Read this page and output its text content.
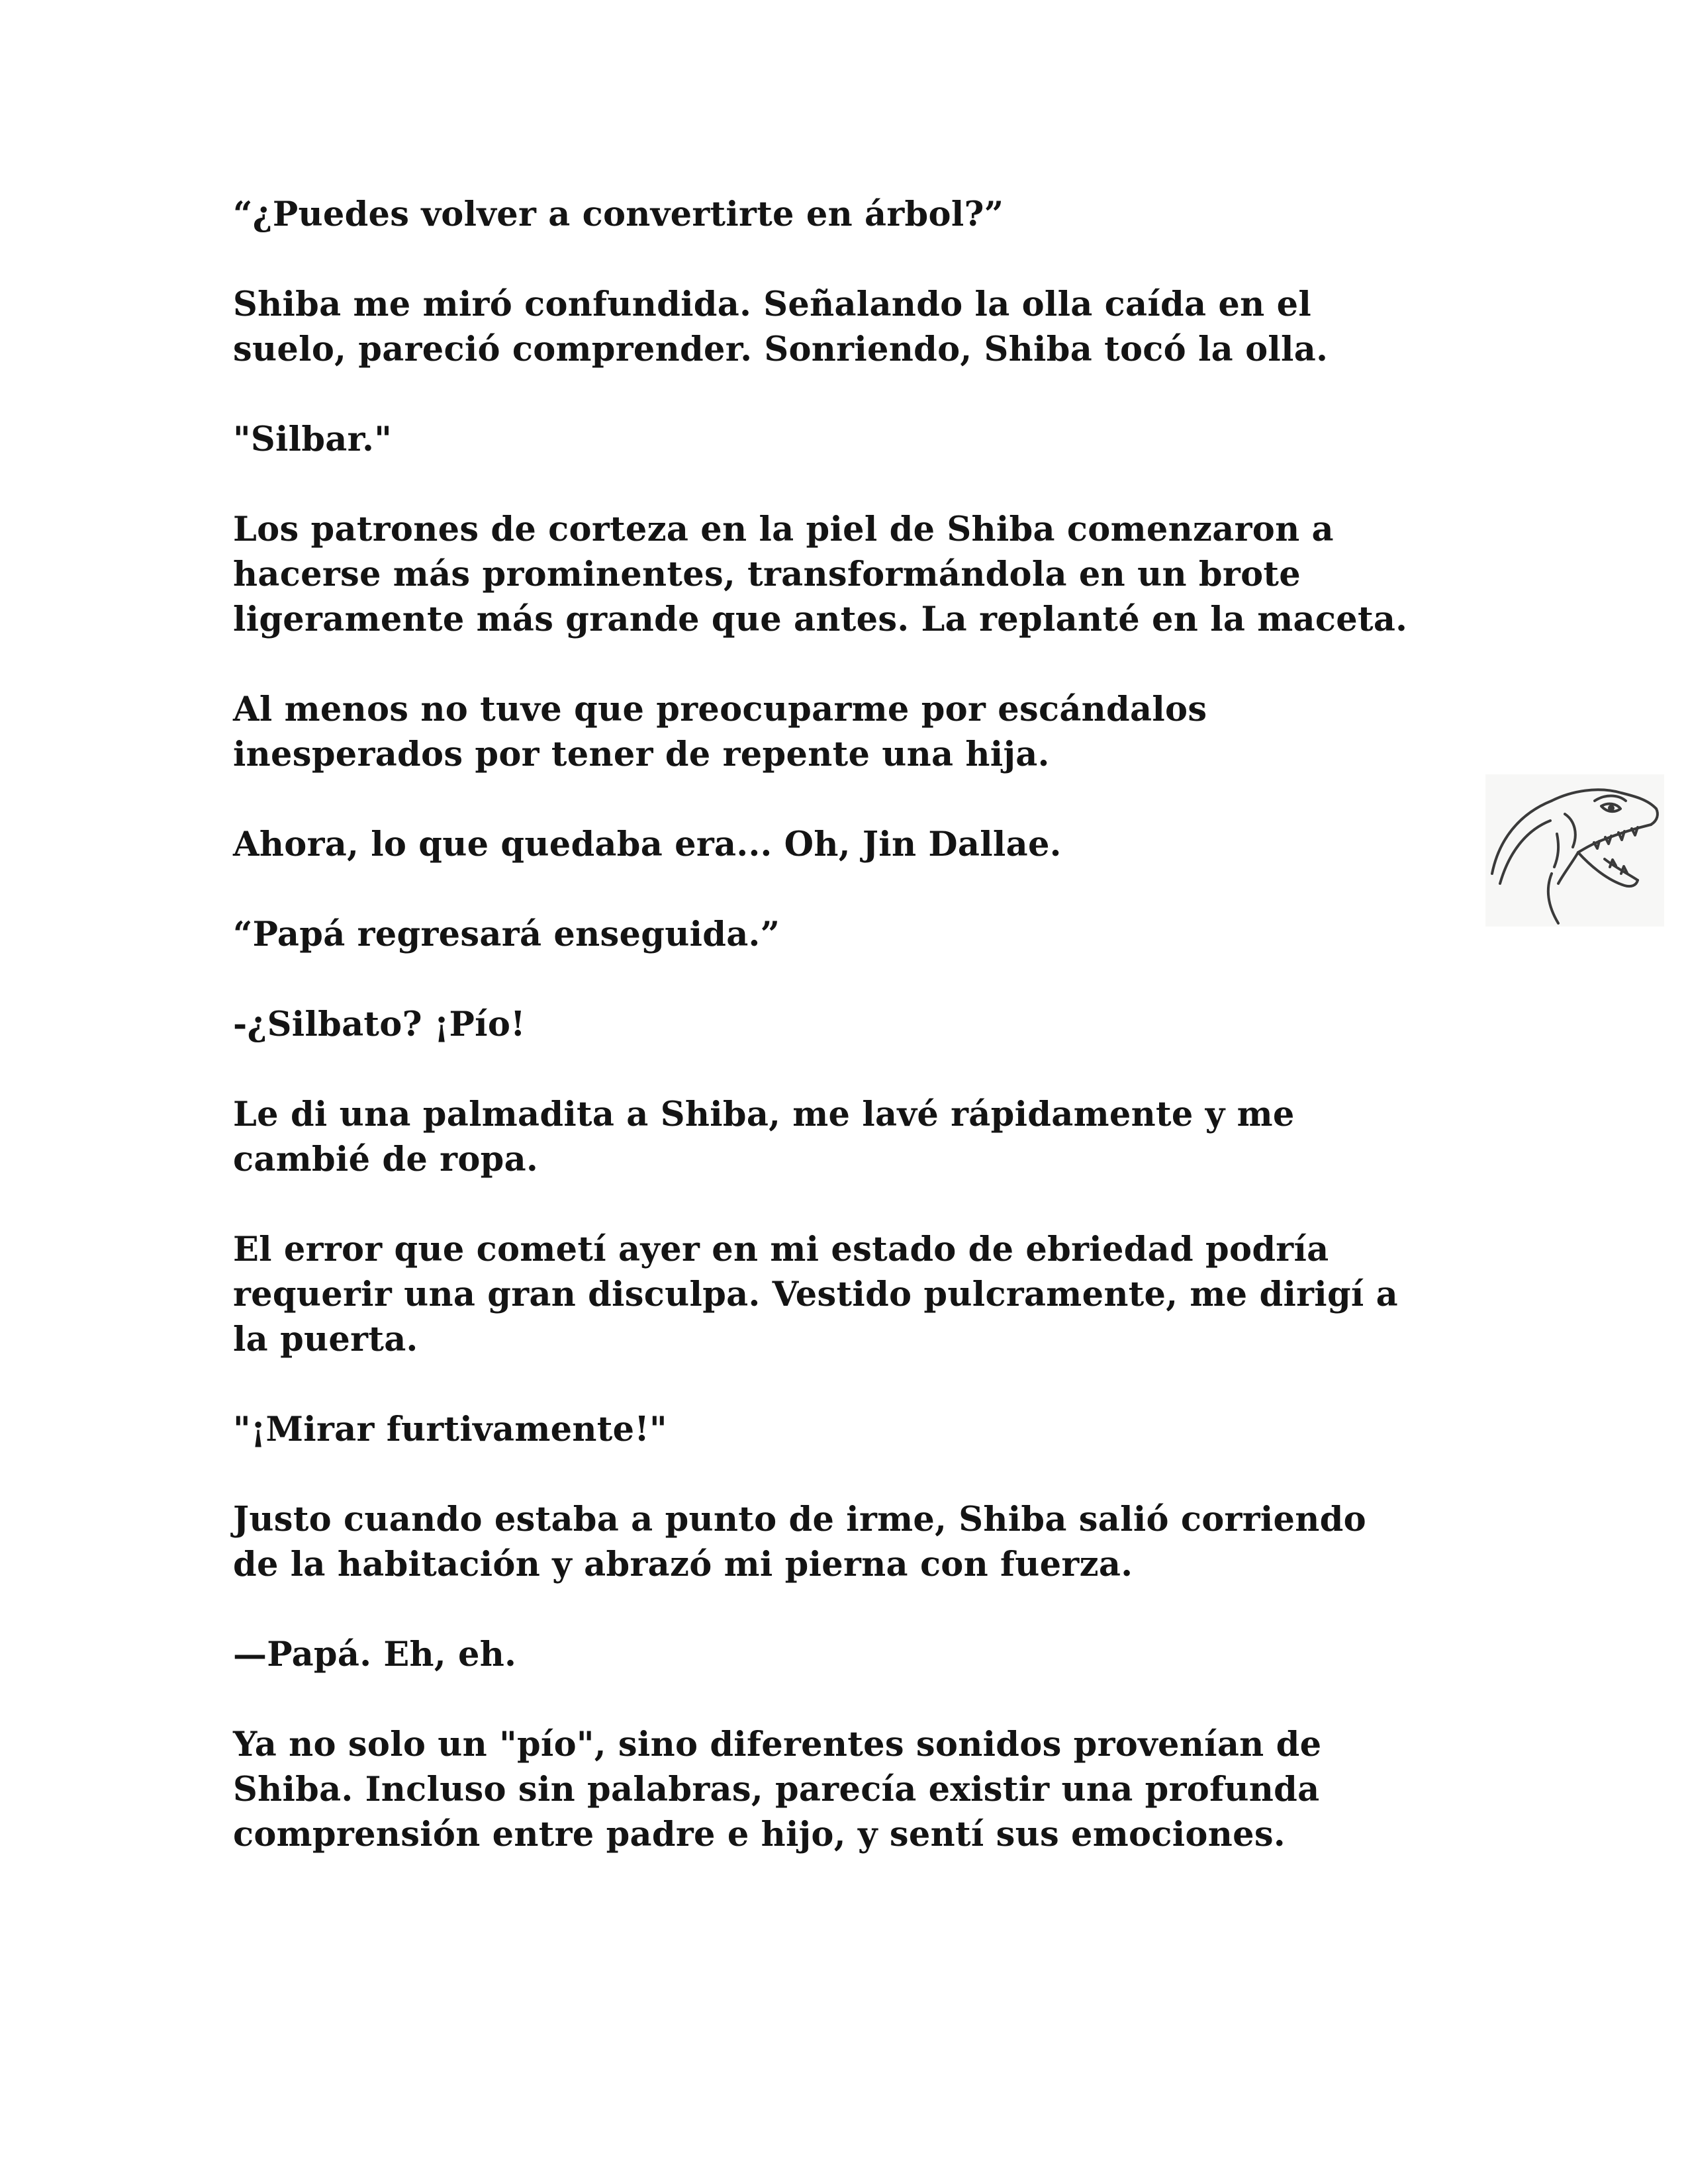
“¿Puedes volver a convertirte en árbol?”

Shiba me miró confundida. Señalando la olla caída en el
suelo, pareció comprender. Sonriendo, Shiba tocó la olla.

"Silbar."

Los patrones de corteza en la piel de Shiba comenzaron a
hacerse más prominentes, transformándola en un brote
ligeramente más grande que antes. La replanté en la maceta.

Al menos no tuve que preocuparme por escándalos
inesperados por tener de repente una hija.

Ahora, lo que quedaba era... Oh, Jin Dallae.

“Papá regresará enseguida.”

-¿Silbato? ¡Pío!

Le di una palmadita a Shiba, me lavé rápidamente y me
cambié de ropa.

El error que cometí ayer en mi estado de ebriedad podría
requerir una gran disculpa. Vestido pulcramente, me dirigí a
la puerta.

"¡Mirar furtivamente!"

Justo cuando estaba a punto de irme, Shiba salió corriendo
de la habitación y abrazó mi pierna con fuerza.

—Papá. Eh, eh.

Ya no solo un "pío", sino diferentes sonidos provenían de
Shiba. Incluso sin palabras, parecía existir una profunda
comprensión entre padre e hijo, y sentí sus emociones.
